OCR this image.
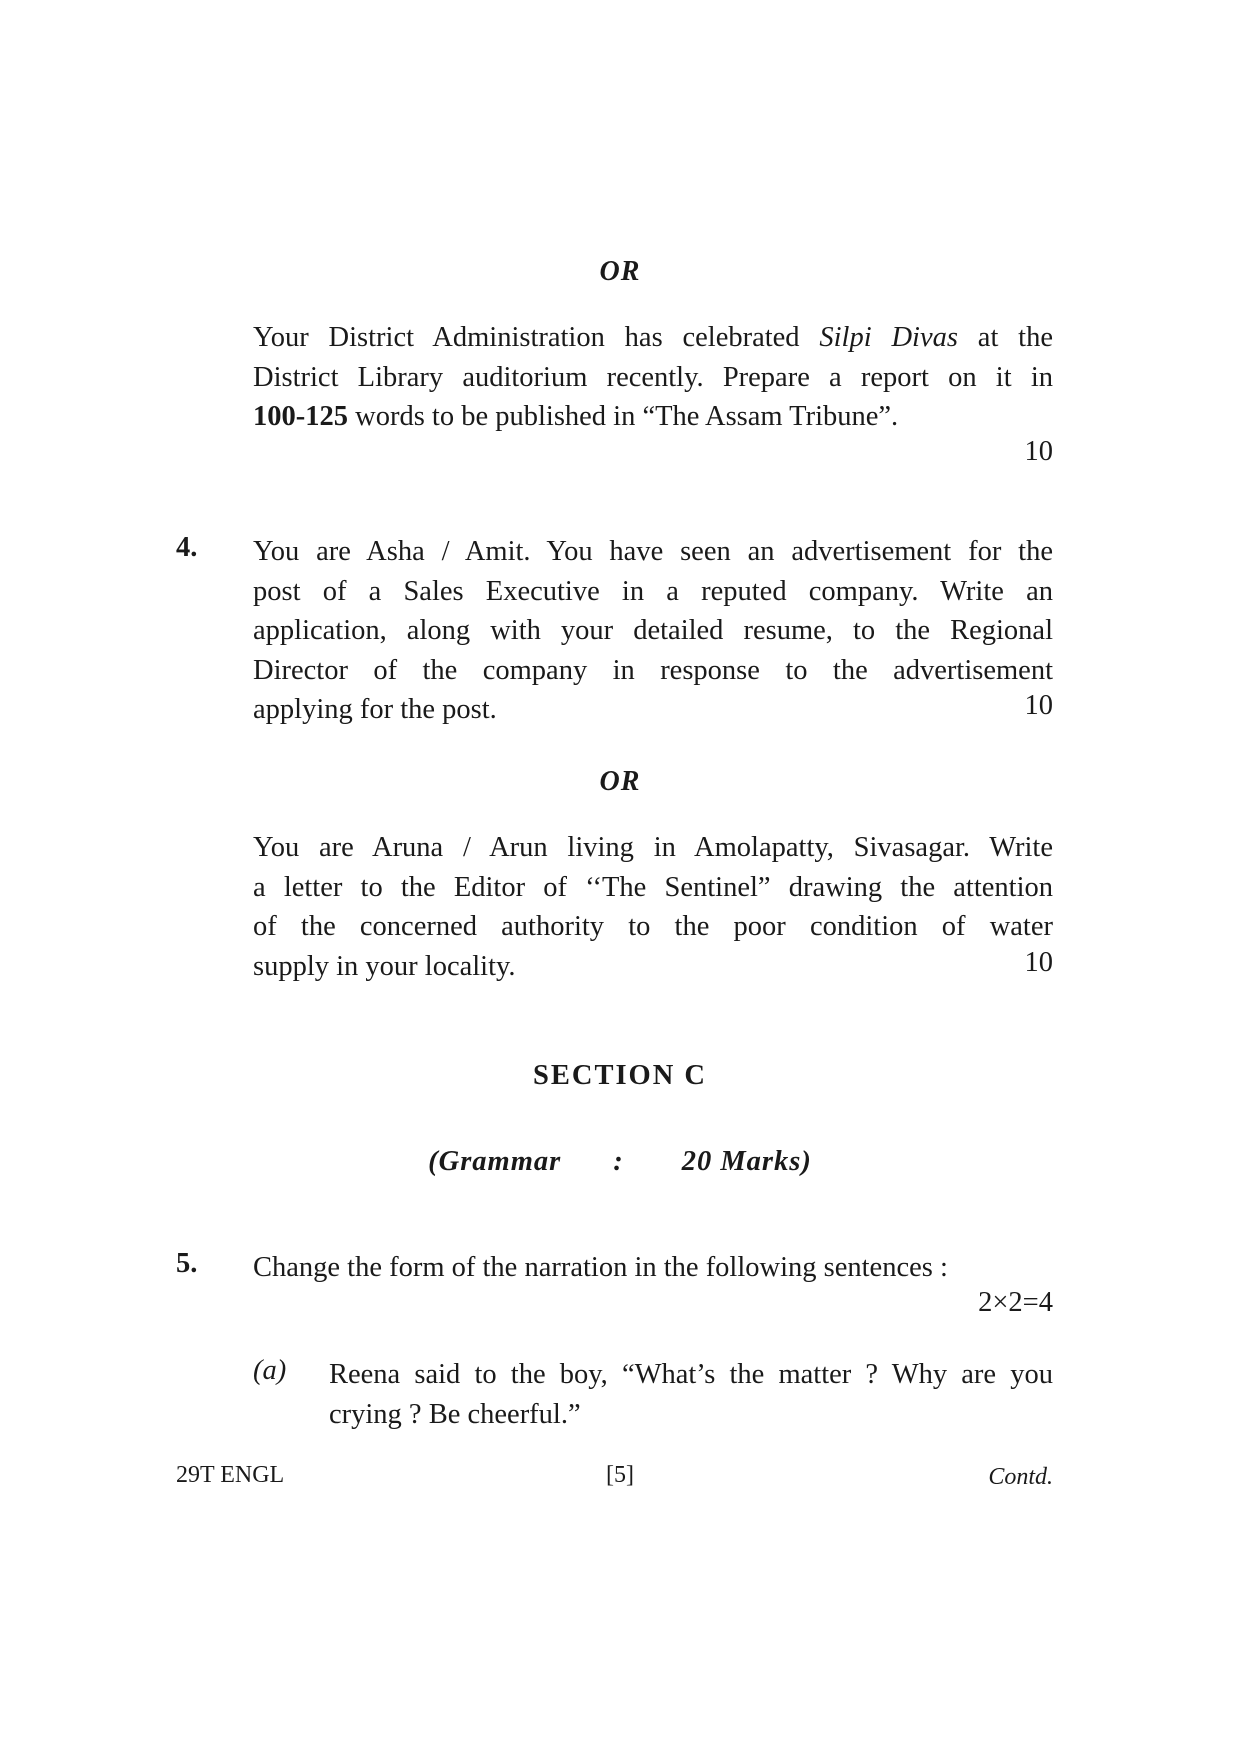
OR
Your District Administration has celebrated Silpi Divas at the
District Library auditorium recently. Prepare a report on it in
100-125 words to be published in “The Assam Tribune”.
10
4. You are Asha / Amit. You have seen an advertisement for the
post of a Sales Executive in a reputed company. Write an
application, along with your detailed resume, to the Regional
Director of the company in response to the advertisement
applying for the post.	10
OR
You are Aruna / Arun living in Amolapatty, Sivasagar. Write
a letter to the Editor of ‘‘The Sentinel” drawing the attention
of the concerned authority to the poor condition of water
supply in your locality.	10
SECTION C
(Grammar : 20 Marks)
5. Change the form of the narration in the following sentences :
2×2=4
(a) Reena said to the boy, “What’s the matter ? Why are you
crying ? Be cheerful.”
29T ENGL	[5]	Contd.
